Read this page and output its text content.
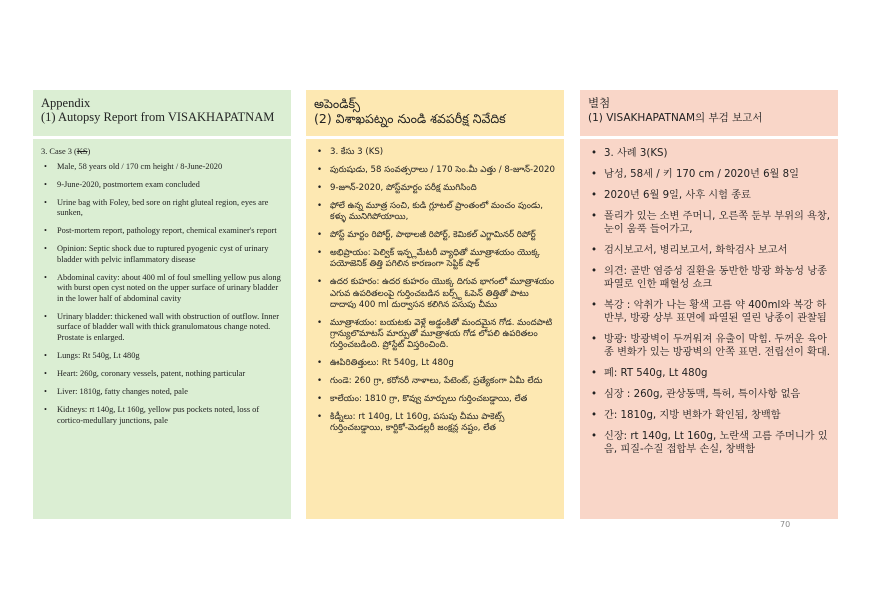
Appendix
(1) Autopsy Report from VISAKHAPATNAM
3. Case 3 (KS)
• Male, 58 years old / 170 cm height / 8-June-2020
• 9-June-2020, postmortem exam concluded
• Urine bag with Foley, bed sore on right gluteal region, eyes are sunken,
• Post-mortem report, pathology report, chemical examiner's report
• Opinion: Septic shock due to ruptured pyogenic cyst of urinary bladder with pelvic inflammatory disease
• Abdominal cavity: about 400 ml of foul smelling yellow pus along with burst open cyst noted on the upper surface of urinary bladder in the lower half of abdominal cavity
• Urinary bladder: thickened wall with obstruction of outflow. Inner surface of bladder wall with thick granulomatous change noted. Prostate is enlarged.
• Lungs: Rt 540g, Lt 480g
• Heart: 260g, coronary vessels, patent, nothing particular
• Liver: 1810g, fatty changes noted, pale
• Kidneys: rt 140g, Lt 160g, yellow pus pockets noted, loss of cortico-medullary junctions, pale
అపెండిక్స్
(2) విశాఖపట్నం నుండి శవపరీక్ష నివేదిక
• 3. కేసు 3 (KS)
• పురుషుడు, 58 సంవత్సరాలు / 170 సెం.మీ ఎత్తు / 8-జూన్-2020
• 9-జూన్-2020, పోస్ట్‌మార్టం పరీక్ష ముగిసింది
• ఫోలే ఉన్న మూత్ర సంచి, కుడి గ్లూటల్ ప్రాంతంలో మంచం పుండు, కళ్ళు మునిగిపోయాయి,
• పోస్ట్ మార్టం రిపోర్ట్, పాథాలజీ రిపోర్ట్, కెమికల్ ఎగ్జామినర్ రిపోర్ట్
• అభిప్రాయం: పెల్విక్ ఇన్ఫ్లమేటరీ వ్యాధితో మూత్రాశయం యొక్క పయోజెనిక్ తిత్తి పగిలిన కారణంగా సెప్టిక్ షాక్
• ఉదర కుహరం: ఉదర కుహరం యొక్క దిగువ భాగంలో మూత్రాశయం ఎగువ ఉపరితలంపై గుర్తించబడిన బర్స్ట్ ఓపెన్ తిత్తితో పాటు దాదాపు 400 ml దుర్వాసన కలిగిన పసుపు చీము
• మూత్రాశయం: బయటకు వెళ్లే అడ్డంకితో మందమైన గోడ. మందపాటి గ్రాన్యులొమాటస్ మార్పుతో మూత్రాశయ గోడ లోపలి ఉపరితలం గుర్తించబడింది. ప్రోస్టేట్ విస్తరించింది.
• ఊపిరితిత్తులు: Rt 540g, Lt 480g
• గుండె: 260 గ్రా, కరోనరీ నాళాలు, పేటెంట్, ప్రత్యేకంగా ఏమీ లేదు
• కాలేయం: 1810 గ్రా, కొవ్వు మార్పులు గుర్తించబడ్డాయి, లేత
• కిడ్నీలు: rt 140g, Lt 160g, పసుపు చీము పాకెట్స్ గుర్తించబడ్డాయి, కార్టికో-మెడల్లరీ జంక్షన్ల నష్టం, లేత
별첨
(1) VISAKHAPATNAM의 부검 보고서
• 3. 사례 3(KS)
• 남성, 58세 / 키 170 cm / 2020년 6월 8일
• 2020년 6월 9일, 사후 시험 종료
• 폴리가 있는 소변 주머니, 오른쪽 둔부 부위의 욕창, 눈이 움푹 들어가고,
• 검시보고서, 병리보고서, 화학검사 보고서
• 의견: 골반 염증성 질환을 동반한 방광 화농성 낭종 파열로 인한 패혈성 쇼크
• 복강 : 악취가 나는 황색 고름 약 400ml와 복강 하반부, 방광 상부 표면에 파열된 열린 낭종이 관찰됨
• 방광: 방광벽이 두꺼워져 유출이 막힘. 두꺼운 육아종 변화가 있는 방광벽의 안쪽 표면. 전립선이 확대.
• 폐: RT 540g, Lt 480g
• 심장 : 260g, 관상동맥, 특허, 특이사항 없음
• 간: 1810g, 지방 변화가 확인됨, 창백함
• 신장: rt 140g, Lt 160g, 노란색 고름 주머니가 있음, 피질-수질 접합부 손실, 창백함
70
